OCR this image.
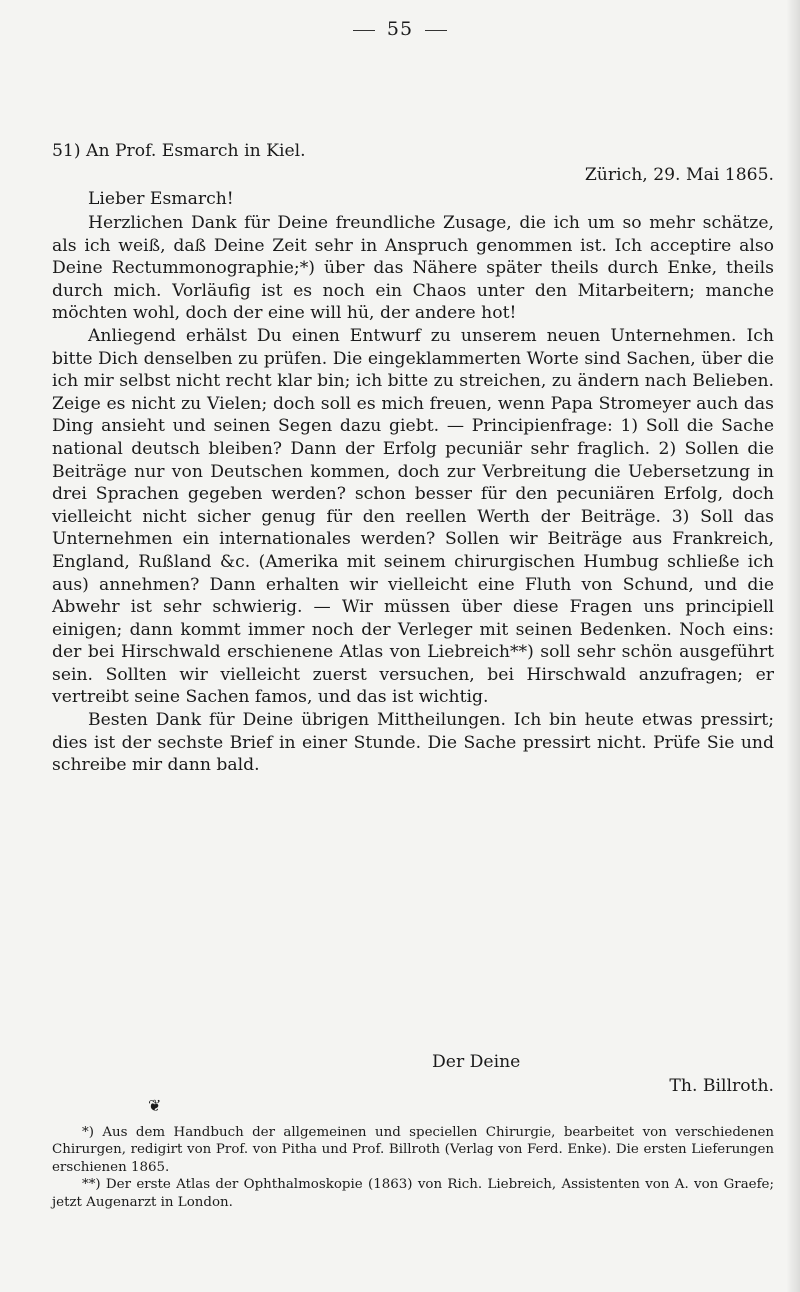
55
51) An Prof. Esmarch in Kiel.
Zürich, 29. Mai 1865.
Lieber Esmarch!

Herzlichen Dank für Deine freundliche Zusage, die ich um so mehr schätze, als ich weiß, daß Deine Zeit sehr in Anspruch genommen ist. Ich acceptire also Deine Rectummonographie;*) über das Nähere später theils durch Enke, theils durch mich. Vorläufig ist es noch ein Chaos unter den Mitarbeitern; manche möchten wohl, doch der eine will hü, der andere hot!

Anliegend erhälst Du einen Entwurf zu unserem neuen Unternehmen. Ich bitte Dich denselben zu prüfen. Die eingeklammerten Worte sind Sachen, über die ich mir selbst nicht recht klar bin; ich bitte zu streichen, zu ändern nach Belieben. Zeige es nicht zu Vielen; doch soll es mich freuen, wenn Papa Stromeyer auch das Ding ansieht und seinen Segen dazu giebt. — Principienfrage: 1) Soll die Sache national deutsch bleiben? Dann der Erfolg pecuniär sehr fraglich. 2) Sollen die Beiträge nur von Deutschen kommen, doch zur Verbreitung die Uebersetzung in drei Sprachen gegeben werden? schon besser für den pecuniären Erfolg, doch vielleicht nicht sicher genug für den reellen Werth der Beiträge. 3) Soll das Unternehmen ein internationales werden? Sollen wir Beiträge aus Frankreich, England, Rußland &c. (Amerika mit seinem chirurgischen Humbug schließe ich aus) annehmen? Dann erhalten wir vielleicht eine Fluth von Schund, und die Abwehr ist sehr schwierig. — Wir müssen über diese Fragen uns principiell einigen; dann kommt immer noch der Verleger mit seinen Bedenken. Noch eins: der bei Hirschwald erschienene Atlas von Liebreich**) soll sehr schön ausgeführt sein. Sollten wir vielleicht zuerst versuchen, bei Hirschwald anzufragen; er vertreibt seine Sachen famos, und das ist wichtig.

Besten Dank für Deine übrigen Mittheilungen. Ich bin heute etwas pressirt; dies ist der sechste Brief in einer Stunde. Die Sache pressirt nicht. Prüfe Sie und schreibe mir dann bald.

Der Deine
Th. Billroth.
❦

*) Aus dem Handbuch der allgemeinen und speciellen Chirurgie, bearbeitet von verschiedenen Chirurgen, redigirt von Prof. von Pitha und Prof. Billroth (Verlag von Ferd. Enke). Die ersten Lieferungen erschienen 1865.

**) Der erste Atlas der Ophthalmoskopie (1863) von Rich. Liebreich, Assistenten von A. von Graefe; jetzt Augenarzt in London.
